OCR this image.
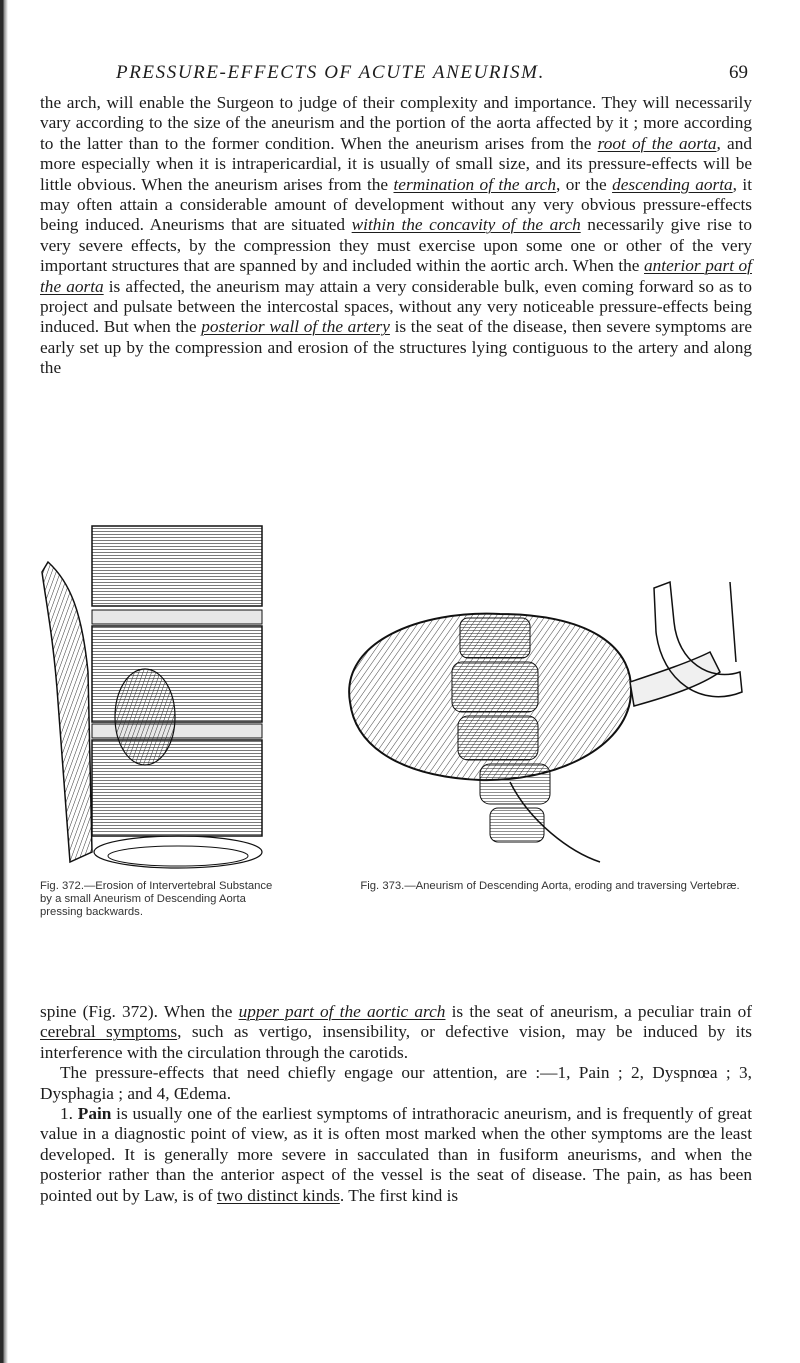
PRESSURE-EFFECTS OF ACUTE ANEURISM.	69

the arch, will enable the Surgeon to judge of their complexity and importance. They will necessarily vary according to the size of the aneurism and the portion of the aorta affected by it ; more according to the latter than to the former condition. When the aneurism arises from the root of the aorta, and more especially when it is intrapericardial, it is usually of small size, and its pressure-effects will be little obvious. When the aneurism arises from the termination of the arch, or the descending aorta, it may often attain a considerable amount of development without any very obvious pressure-effects being induced. Aneurisms that are situated within the concavity of the arch necessarily give rise to very severe effects, by the compression they must exercise upon some one or other of the very important structures that are spanned by and included within the aortic arch. When the anterior part of the aorta is affected, the aneurism may attain a very considerable bulk, even coming forward so as to project and pulsate between the intercostal spaces, without any very noticeable pressure-effects being induced. But when the posterior wall of the artery is the seat of the disease, then severe symptoms are early set up by the compression and erosion of the structures lying contiguous to the artery and along the

Fig. 372.—Erosion of Intervertebral Substance by a small Aneurism of Descending Aorta pressing backwards.
Fig. 373.—Aneurism of Descending Aorta, eroding and traversing Vertebræ.

spine (Fig. 372). When the upper part of the aortic arch is the seat of aneurism, a peculiar train of cerebral symptoms, such as vertigo, insensibility, or defective vision, may be induced by its interference with the circulation through the carotids.

The pressure-effects that need chiefly engage our attention, are :—1, Pain ; 2, Dyspnœa ; 3, Dysphagia ; and 4, Œdema.

1. Pain is usually one of the earliest symptoms of intrathoracic aneurism, and is frequently of great value in a diagnostic point of view, as it is often most marked when the other symptoms are the least developed. It is generally more severe in sacculated than in fusiform aneurisms, and when the posterior rather than the anterior aspect of the vessel is the seat of disease. The pain, as has been pointed out by Law, is of two distinct kinds. The first kind is
